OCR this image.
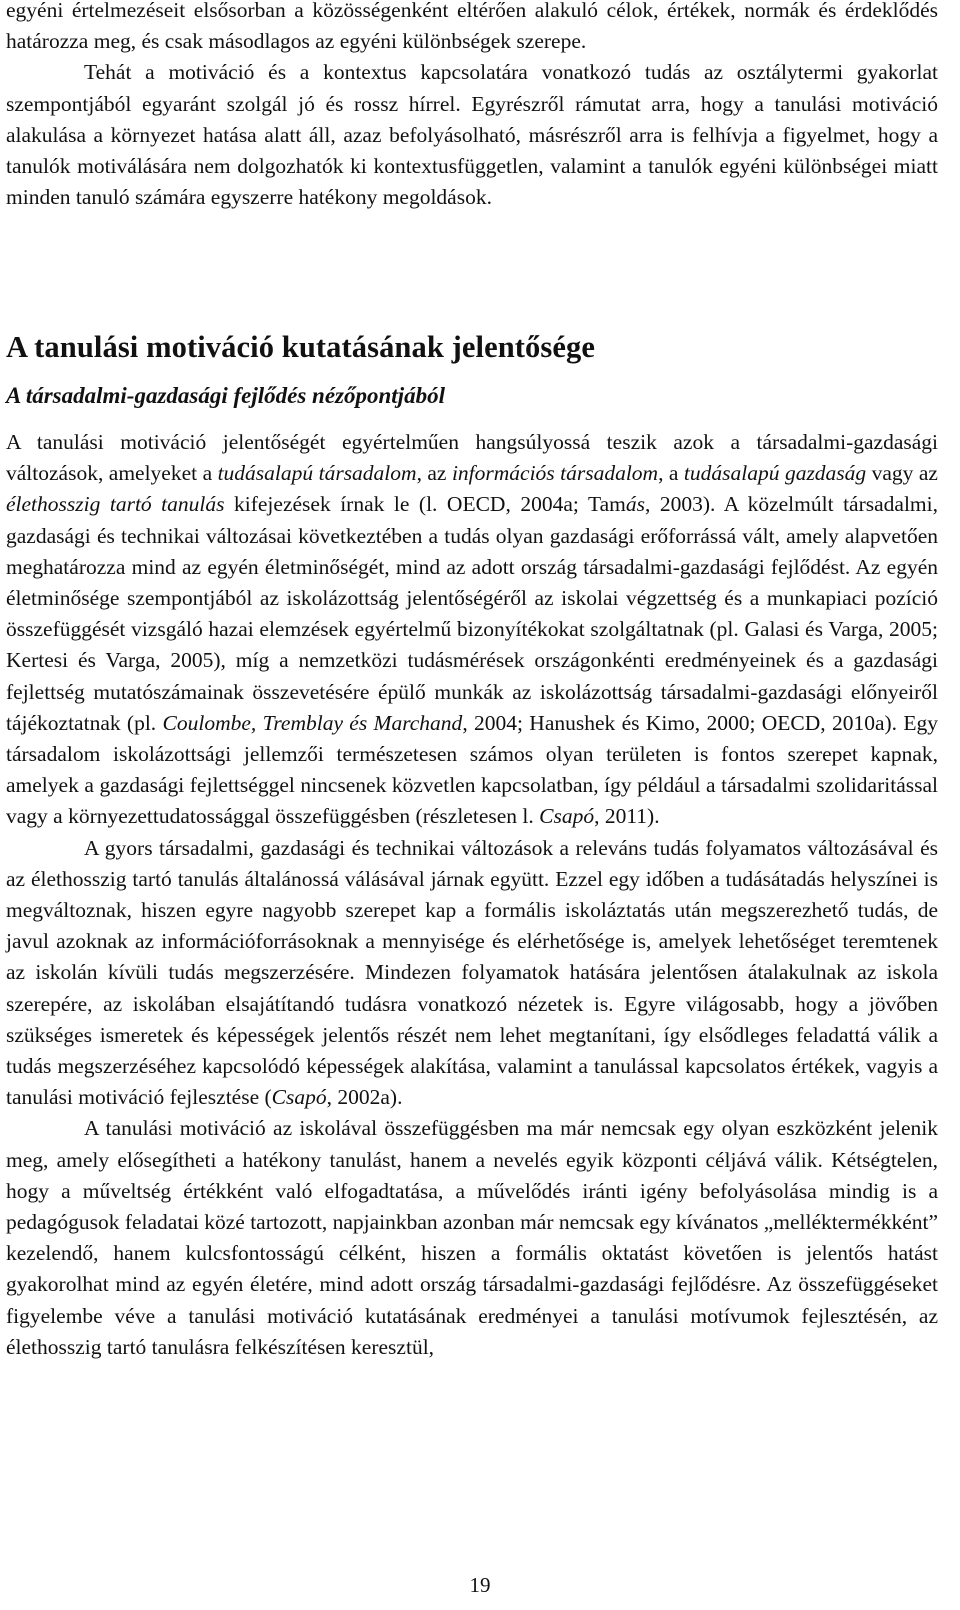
egyéni értelmezéseit elsősorban a közösségenként eltérően alakuló célok, értékek, normák és érdeklődés határozza meg, és csak másodlagos az egyéni különbségek szerepe.

Tehát a motiváció és a kontextus kapcsolatára vonatkozó tudás az osztálytermi gyakorlat szempontjából egyaránt szolgál jó és rossz hírrel. Egyrészről rámutat arra, hogy a tanulási motiváció alakulása a környezet hatása alatt áll, azaz befolyásolható, másrészről arra is felhívja a figyelmet, hogy a tanulók motiválására nem dolgozhatók ki kontextusfüggetlen, valamint a tanulók egyéni különbségei miatt minden tanuló számára egyszerre hatékony megoldások.

A tanulási motiváció kutatásának jelentősége
A társadalmi-gazdasági fejlődés nézőpontjából

A tanulási motiváció jelentőségét egyértelműen hangsúlyossá teszik azok a társadalmi-gazdasági változások, amelyeket a tudásalapú társadalom, az információs társadalom, a tudásalapú gazdaság vagy az élethosszig tartó tanulás kifejezések írnak le (l. OECD, 2004a; Tamás, 2003). A közelmúlt társadalmi, gazdasági és technikai változásai következtében a tudás olyan gazdasági erőforrássá vált, amely alapvetően meghatározza mind az egyén életminőségét, mind az adott ország társadalmi-gazdasági fejlődést. Az egyén életminősége szempontjából az iskolázottság jelentőségéről az iskolai végzettség és a munkapiaci pozíció összefüggését vizsgáló hazai elemzések egyértelmű bizonyítékokat szolgáltatnak (pl. Galasi és Varga, 2005; Kertesi és Varga, 2005), míg a nemzetközi tudásmérések országonkénti eredményeinek és a gazdasági fejlettség mutatószámainak összevetésére épülő munkák az iskolázottság társadalmi-gazdasági előnyeiről tájékoztatnak (pl. Coulombe, Tremblay és Marchand, 2004; Hanushek és Kimo, 2000; OECD, 2010a). Egy társadalom iskolázottsági jellemzői természetesen számos olyan területen is fontos szerepet kapnak, amelyek a gazdasági fejlettséggel nincsenek közvetlen kapcsolatban, így például a társadalmi szolidaritással vagy a környezettudatossággal összefüggésben (részletesen l. Csapó, 2011).

A gyors társadalmi, gazdasági és technikai változások a releváns tudás folyamatos változásával és az élethosszig tartó tanulás általánossá válásával járnak együtt. Ezzel egy időben a tudásátadás helyszínei is megváltoznak, hiszen egyre nagyobb szerepet kap a formális iskoláztatás után megszerezhető tudás, de javul azoknak az információforrásoknak a mennyisége és elérhetősége is, amelyek lehetőséget teremtenek az iskolán kívüli tudás megszerzésére. Mindezen folyamatok hatására jelentősen átalakulnak az iskola szerepére, az iskolában elsajátítandó tudásra vonatkozó nézetek is. Egyre világosabb, hogy a jövőben szükséges ismeretek és képességek jelentős részét nem lehet megtanítani, így elsődleges feladattá válik a tudás megszerzéséhez kapcsolódó képességek alakítása, valamint a tanulással kapcsolatos értékek, vagyis a tanulási motiváció fejlesztése (Csapó, 2002a).

A tanulási motiváció az iskolával összefüggésben ma már nemcsak egy olyan eszközként jelenik meg, amely elősegítheti a hatékony tanulást, hanem a nevelés egyik központi céljává válik. Kétségtelen, hogy a műveltség értékként való elfogadtatása, a művelődés iránti igény befolyásolása mindig is a pedagógusok feladatai közé tartozott, napjainkban azonban már nemcsak egy kívánatos „melléktermékként” kezelendő, hanem kulcsfontosságú célként, hiszen a formális oktatást követően is jelentős hatást gyakorolhat mind az egyén életére, mind adott ország társadalmi-gazdasági fejlődésre. Az összefüggéseket figyelembe véve a tanulási motiváció kutatásának eredményei a tanulási motívumok fejlesztésén, az élethosszig tartó tanulásra felkészítésen keresztül,

19
